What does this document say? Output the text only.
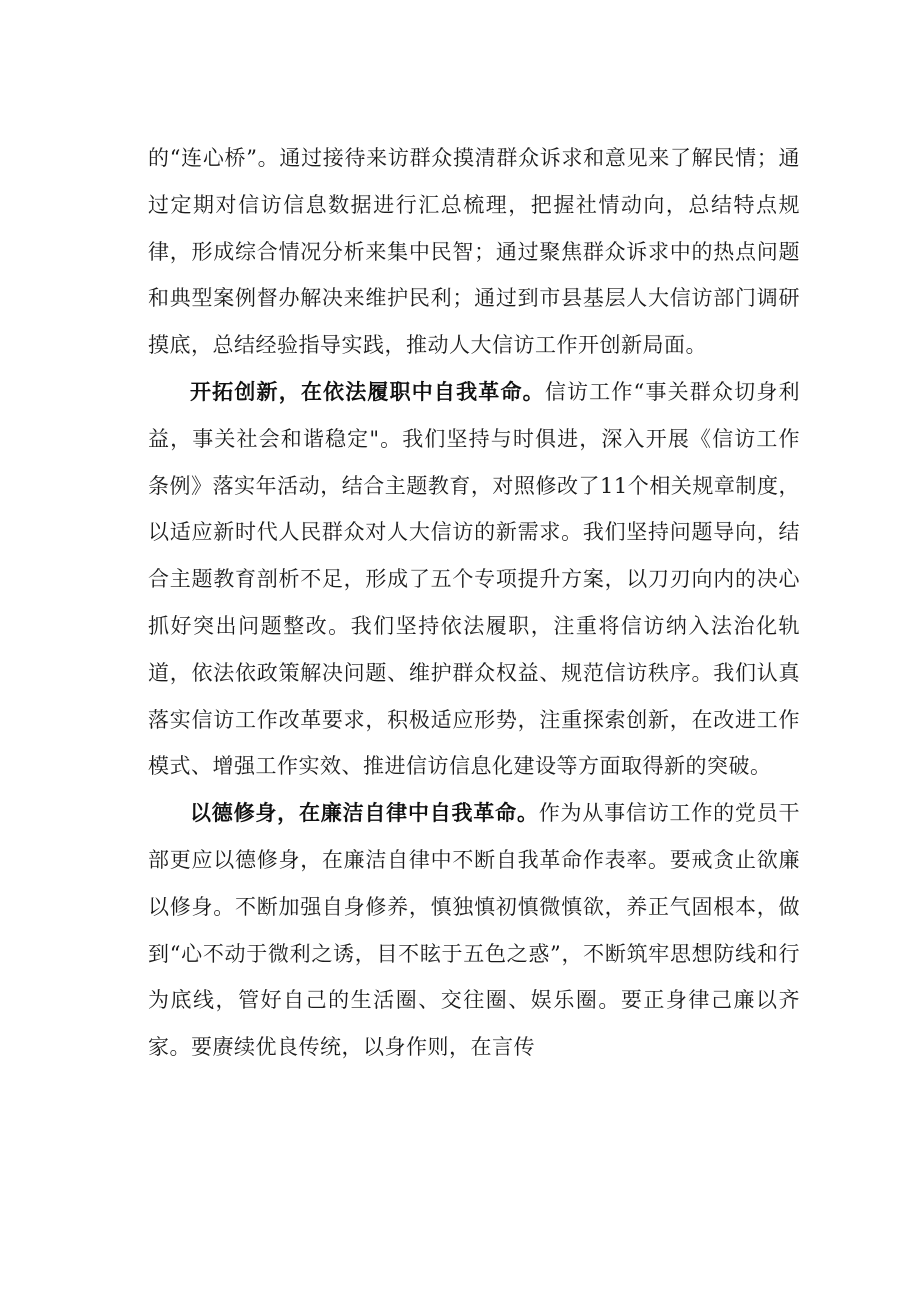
的“连心桥”。通过接待来访群众摸清群众诉求和意见来了解民情；通过定期对信访信息数据进行汇总梳理，把握社情动向，总结特点规律，形成综合情况分析来集中民智；通过聚焦群众诉求中的热点问题和典型案例督办解决来维护民利；通过到市县基层人大信访部门调研摸底，总结经验指导实践，推动人大信访工作开创新局面。

开拓创新，在依法履职中自我革命。信访工作“事关群众切身利益，事关社会和谐稳定"。我们坚持与时俱进，深入开展《信访工作条例》落实年活动，结合主题教育，对照修改了11个相关规章制度，以适应新时代人民群众对人大信访的新需求。我们坚持问题导向，结合主题教育剖析不足，形成了五个专项提升方案，以刀刃向内的决心抓好突出问题整改。我们坚持依法履职，注重将信访纳入法治化轨道，依法依政策解决问题、维护群众权益、规范信访秩序。我们认真落实信访工作改革要求，积极适应形势，注重探索创新，在改进工作模式、增强工作实效、推进信访信息化建设等方面取得新的突破。

以德修身，在廉洁自律中自我革命。作为从事信访工作的党员干部更应以德修身，在廉洁自律中不断自我革命作表率。要戒贪止欲廉以修身。不断加强自身修养，慎独慎初慎微慎欲，养正气固根本，做到“心不动于微利之诱，目不眩于五色之惑”，不断筑牢思想防线和行为底线，管好自己的生活圈、交往圈、娱乐圈。要正身律己廉以齐家。要赓续优良传统，以身作则，在言传
